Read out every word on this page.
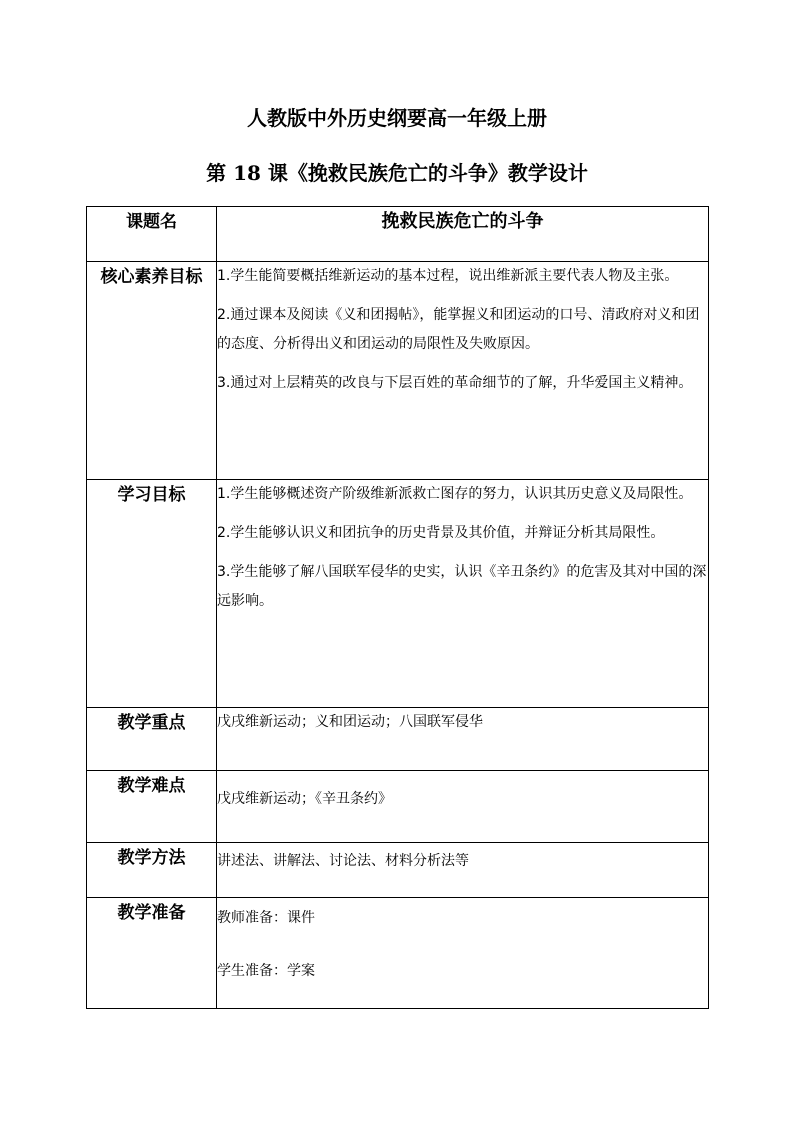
人教版中外历史纲要高一年级上册
第 18 课《挽救民族危亡的斗争》教学设计
课题名	挽救民族危亡的斗争
核心素养目标	1.学生能简要概括维新运动的基本过程，说出维新派主要代表人物及主张。

2.通过课本及阅读《义和团揭帖》，能掌握义和团运动的口号、清政府对义和团的态度、分析得出义和团运动的局限性及失败原因。

3.通过对上层精英的改良与下层百姓的革命细节的了解，升华爱国主义精神。

学习目标	1.学生能够概述资产阶级维新派救亡图存的努力，认识其历史意义及局限性。

2.学生能够认识义和团抗争的历史背景及其价值，并辩证分析其局限性。

3.学生能够了解八国联军侵华的史实，认识《辛丑条约》的危害及其对中国的深远影响。

教学重点	戊戌维新运动；义和团运动；八国联军侵华
教学难点	戊戌维新运动；《辛丑条约》
教学方法	讲述法、讲解法、讨论法、材料分析法等
教学准备	教师准备：课件

学生准备：学案
